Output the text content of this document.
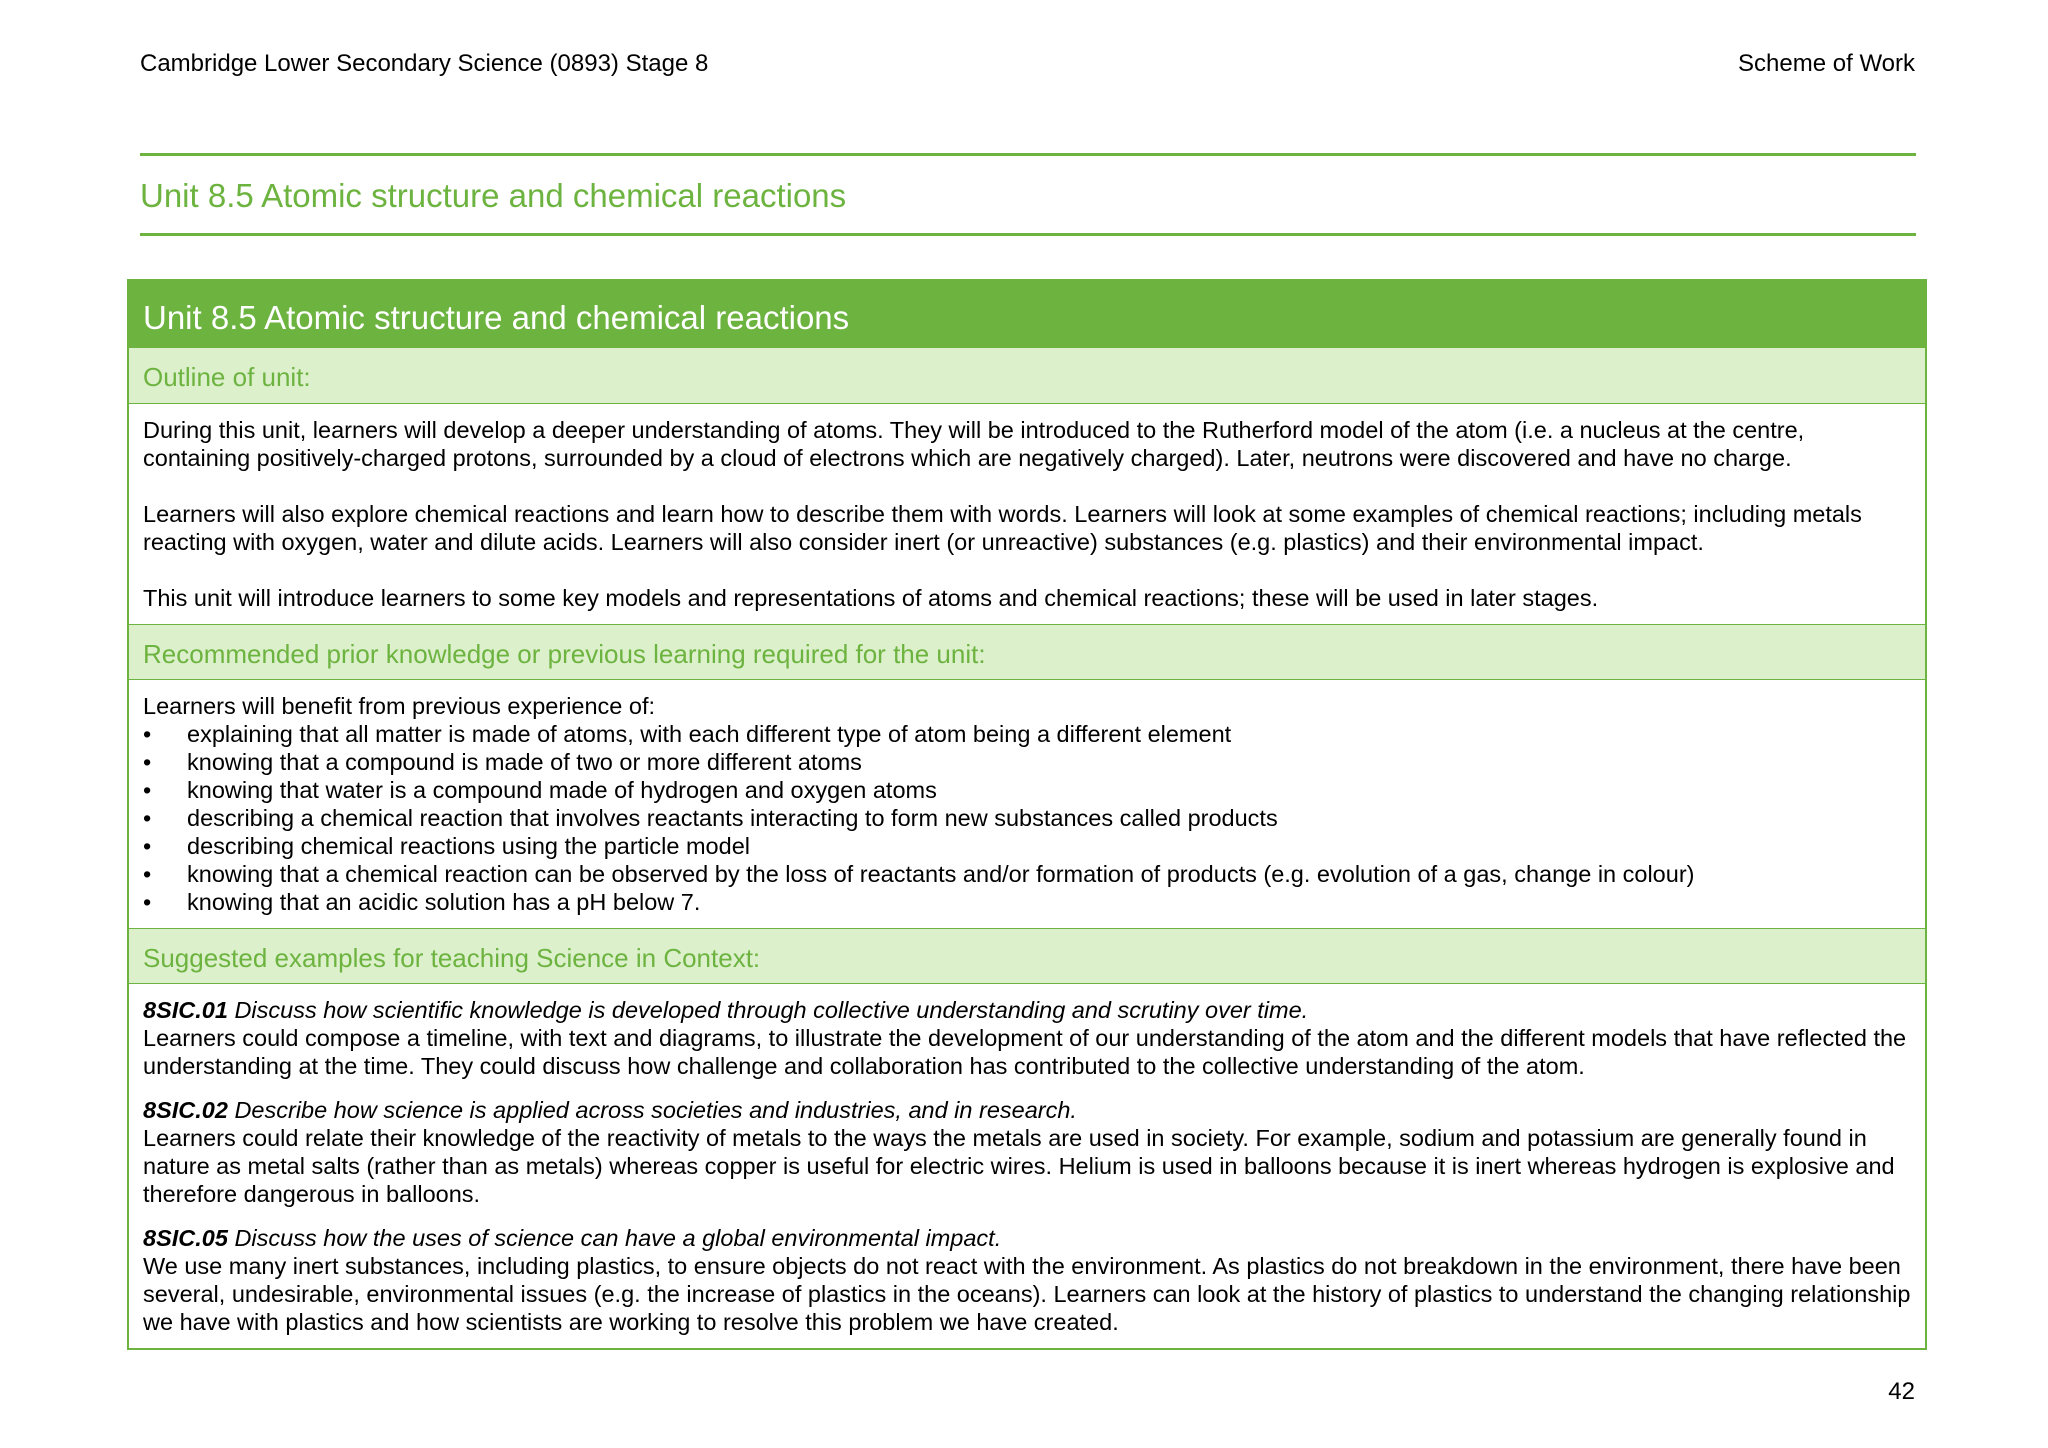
Cambridge Lower Secondary Science (0893) Stage 8	Scheme of Work
Unit 8.5 Atomic structure and chemical reactions
Unit 8.5 Atomic structure and chemical reactions
Outline of unit:

During this unit, learners will develop a deeper understanding of atoms. They will be introduced to the Rutherford model of the atom (i.e. a nucleus at the centre, containing positively-charged protons, surrounded by a cloud of electrons which are negatively charged). Later, neutrons were discovered and have no charge.

Learners will also explore chemical reactions and learn how to describe them with words. Learners will look at some examples of chemical reactions; including metals reacting with oxygen, water and dilute acids. Learners will also consider inert (or unreactive) substances (e.g. plastics) and their environmental impact.

This unit will introduce learners to some key models and representations of atoms and chemical reactions; these will be used in later stages.

Recommended prior knowledge or previous learning required for the unit:

Learners will benefit from previous experience of:

•	explaining that all matter is made of atoms, with each different type of atom being a different element
•	knowing that a compound is made of two or more different atoms
•	knowing that water is a compound made of hydrogen and oxygen atoms
•	describing a chemical reaction that involves reactants interacting to form new substances called products
•	describing chemical reactions using the particle model
•	knowing that a chemical reaction can be observed by the loss of reactants and/or formation of products (e.g. evolution of a gas, change in colour)
•	knowing that an acidic solution has a pH below 7.
Suggested examples for teaching Science in Context:

8SIC.01 Discuss how scientific knowledge is developed through collective understanding and scrutiny over time.

Learners could compose a timeline, with text and diagrams, to illustrate the development of our understanding of the atom and the different models that have reflected the understanding at the time. They could discuss how challenge and collaboration has contributed to the collective understanding of the atom.

8SIC.02 Describe how science is applied across societies and industries, and in research.

Learners could relate their knowledge of the reactivity of metals to the ways the metals are used in society. For example, sodium and potassium are generally found in nature as metal salts (rather than as metals) whereas copper is useful for electric wires. Helium is used in balloons because it is inert whereas hydrogen is explosive and therefore dangerous in balloons.

8SIC.05 Discuss how the uses of science can have a global environmental impact.

We use many inert substances, including plastics, to ensure objects do not react with the environment. As plastics do not breakdown in the environment, there have been several, undesirable, environmental issues (e.g. the increase of plastics in the oceans). Learners can look at the history of plastics to understand the changing relationship we have with plastics and how scientists are working to resolve this problem we have created.

42
